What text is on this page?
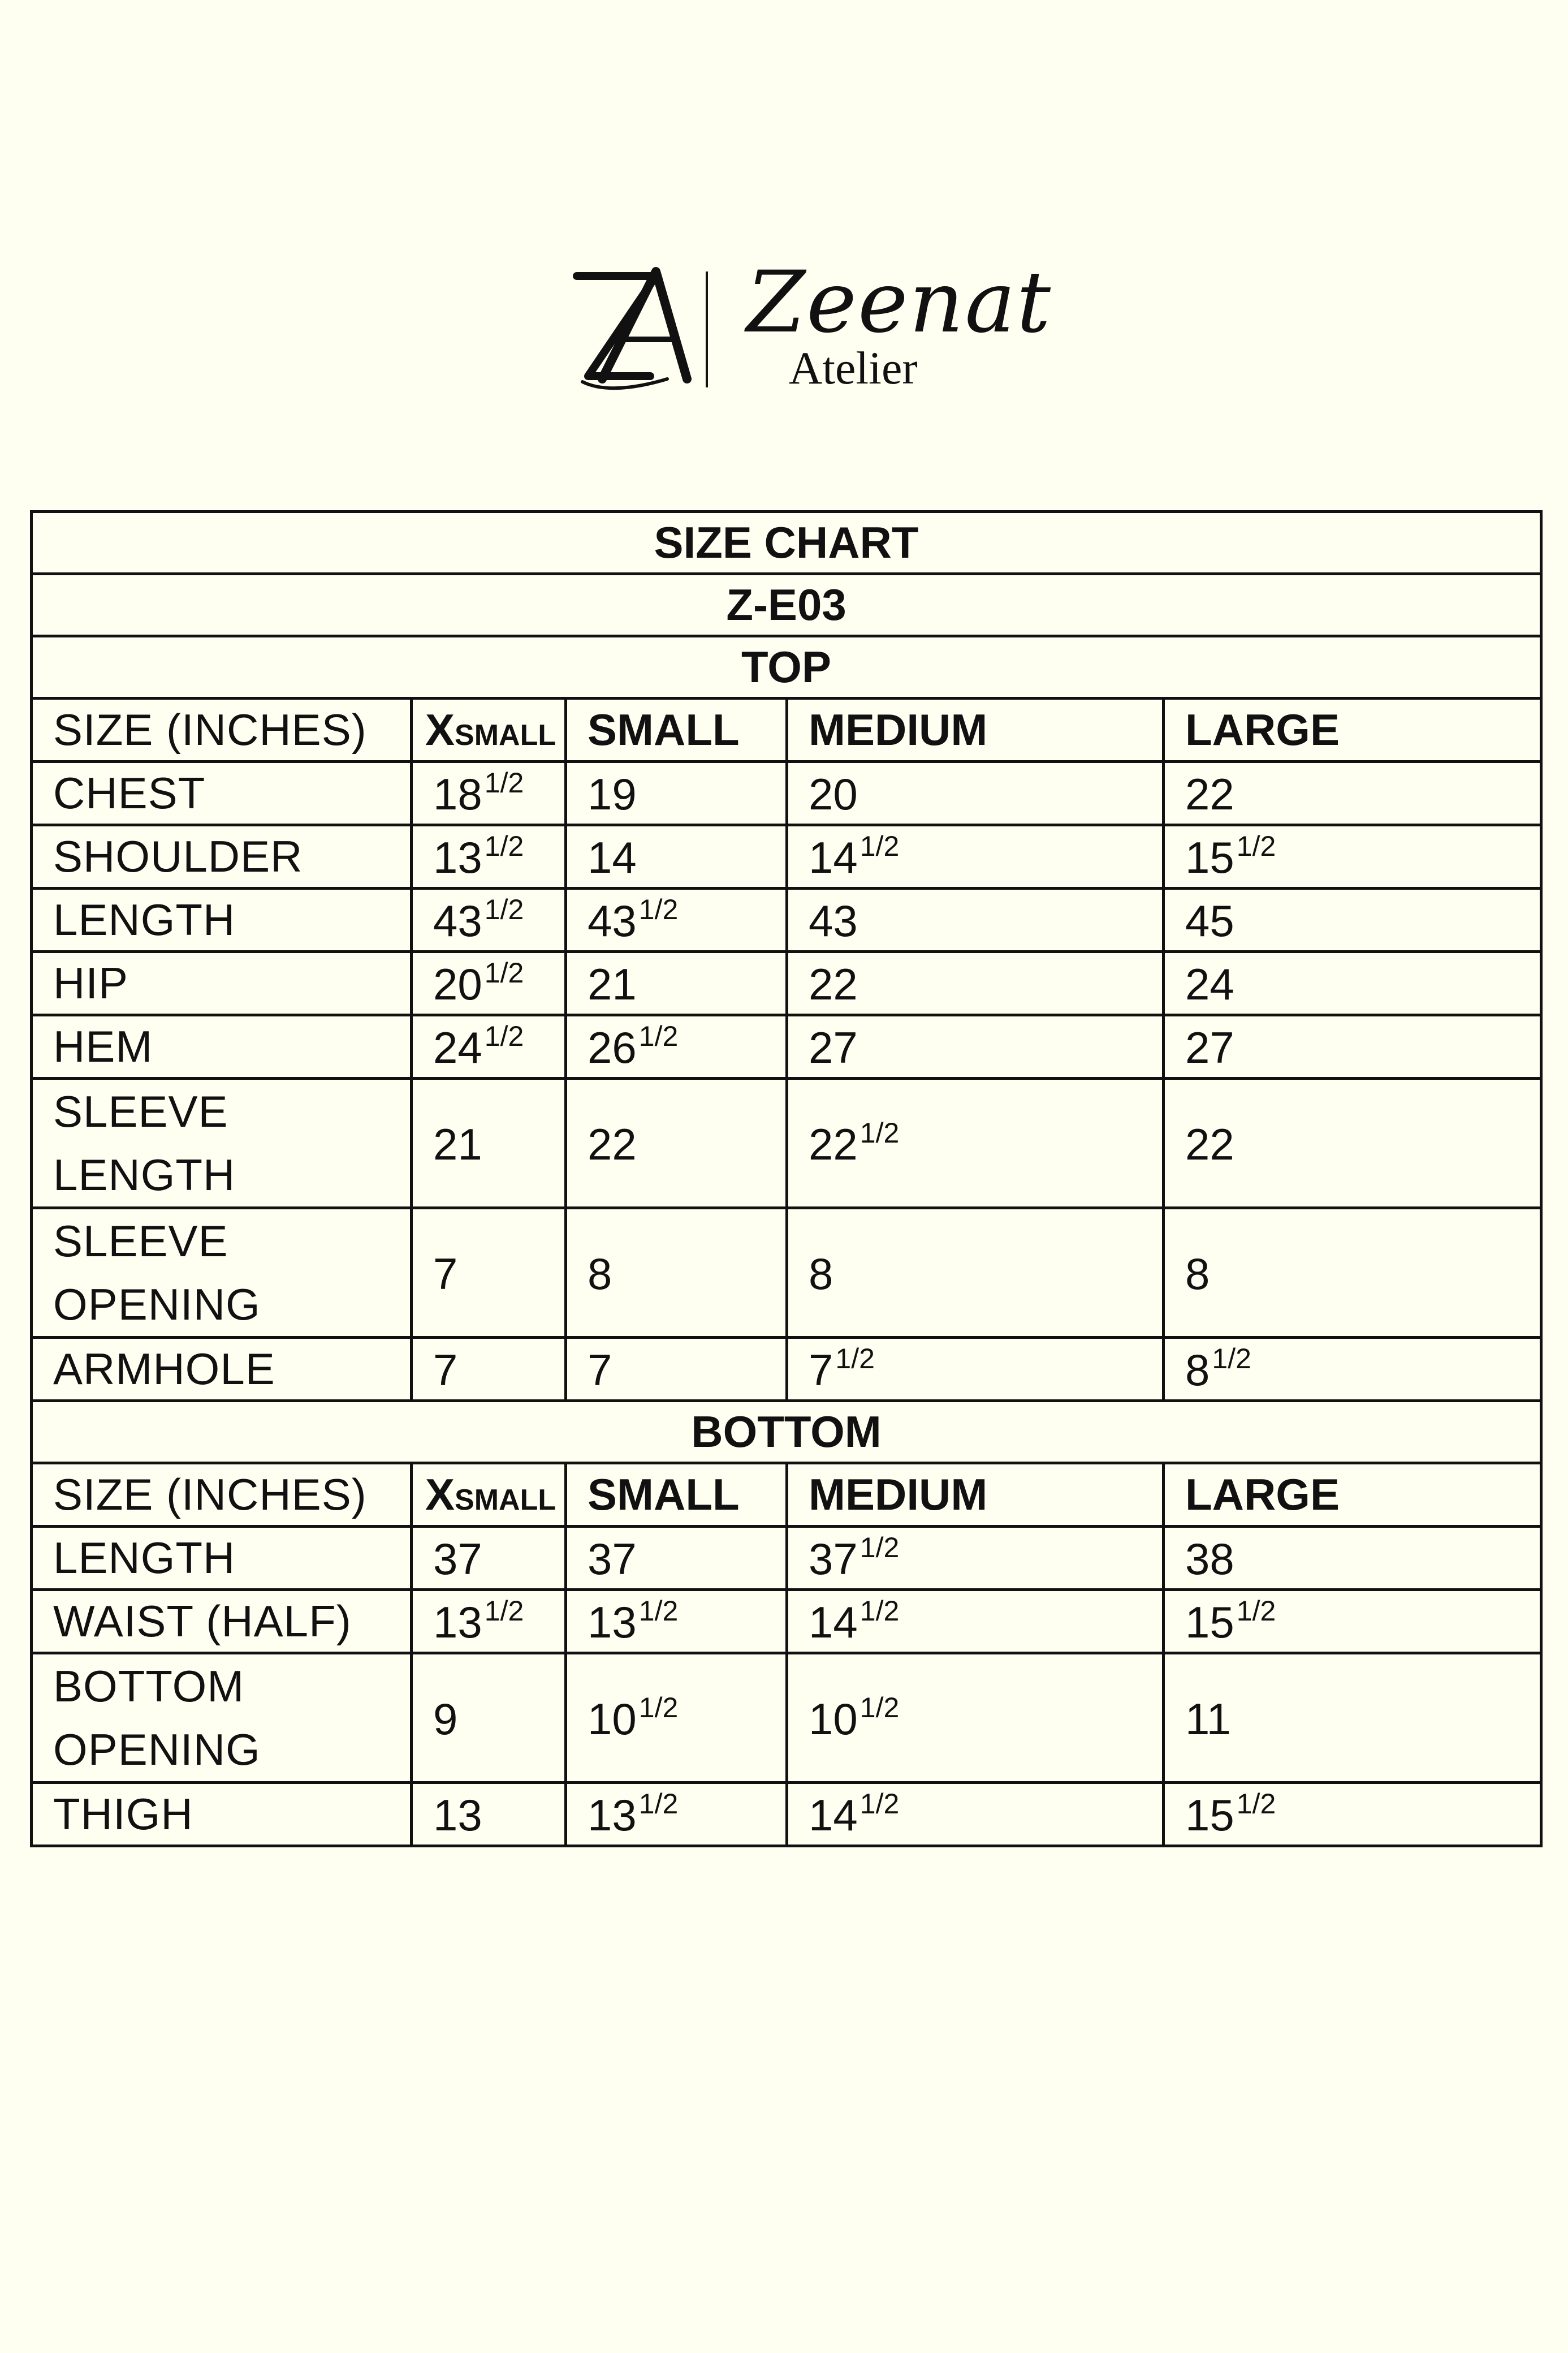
Zeenat
Atelier
SIZE CHART				
Z-E03				
TOP				
SIZE (INCHES)	XSMALL	SMALL	MEDIUM	LARGE
CHEST	$18^{1/2}$	19	20	22
SHOULDER	$13^{1/2}$	14	$14^{1/2}$	$15^{1/2}$
LENGTH	$43^{1/2}$	$43^{1/2}$	43	45
HIP	$20^{1/2}$	21	22	24
HEM	$24^{1/2}$	$26^{1/2}$	27	27

SLEEVE
LENGTH	21	22	$22^{1/2}$	22

SLEEVE
OPENING	7	8	8	8
ARMHOLE	7	7	$7^{1/2}$	$8^{1/2}$
BOTTOM				
SIZE (INCHES)	XSMALL	SMALL	MEDIUM	LARGE
LENGTH	37	37	$37^{1/2}$	38
WAIST (HALF)	$13^{1/2}$	$13^{1/2}$	$14^{1/2}$	$15^{1/2}$

BOTTOM
OPENING	9	$10^{1/2}$	$10^{1/2}$	11
THIGH	13	$13^{1/2}$	$14^{1/2}$	$15^{1/2}$
